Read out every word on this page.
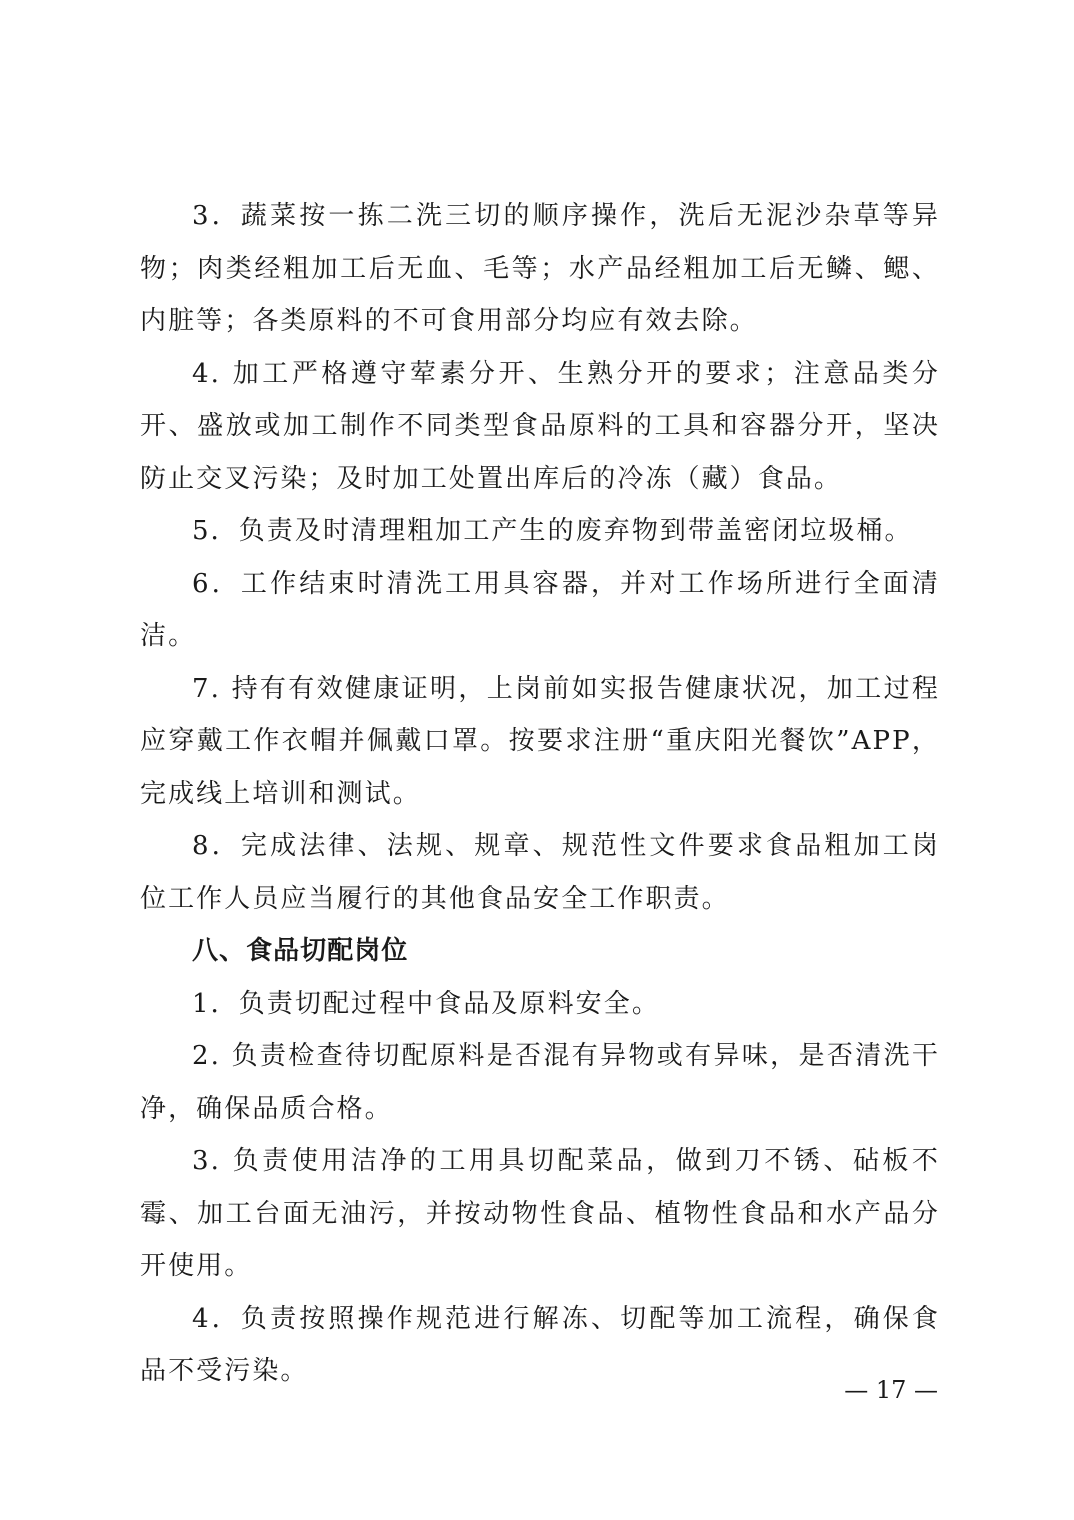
3．蔬菜按一拣二洗三切的顺序操作，洗后无泥沙杂草等异物；肉类经粗加工后无血、毛等；水产品经粗加工后无鳞、鳃、内脏等；各类原料的不可食用部分均应有效去除。

4. 加工严格遵守荤素分开、生熟分开的要求；注意品类分开、盛放或加工制作不同类型食品原料的工具和容器分开，坚决防止交叉污染；及时加工处置出库后的冷冻（藏）食品。

5．负责及时清理粗加工产生的废弃物到带盖密闭垃圾桶。

6．工作结束时清洗工用具容器，并对工作场所进行全面清洁。

7. 持有有效健康证明，上岗前如实报告健康状况，加工过程应穿戴工作衣帽并佩戴口罩。按要求注册“重庆阳光餐饮”APP，完成线上培训和测试。

8．完成法律、法规、规章、规范性文件要求食品粗加工岗位工作人员应当履行的其他食品安全工作职责。

八、食品切配岗位

1．负责切配过程中食品及原料安全。

2. 负责检查待切配原料是否混有异物或有异味，是否清洗干净，确保品质合格。

3. 负责使用洁净的工用具切配菜品，做到刀不锈、砧板不霉、加工台面无油污，并按动物性食品、植物性食品和水产品分开使用。

4．负责按照操作规范进行解冻、切配等加工流程，确保食品不受污染。

— 17 —
